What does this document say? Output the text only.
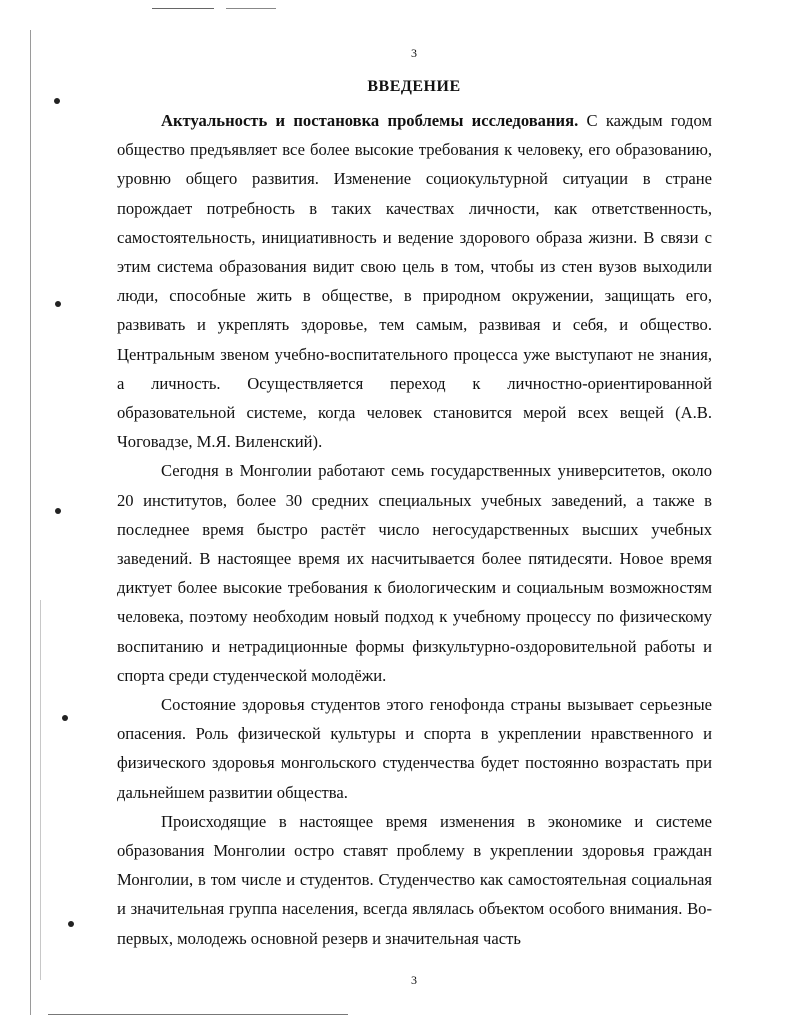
3
ВВЕДЕНИЕ

Актуальность и постановка проблемы исследования. С каждым годом общество предъявляет все более высокие требования к человеку, его образованию, уровню общего развития. Изменение социокультурной ситуации в стране порождает потребность в таких качествах личности, как ответственность, самостоятельность, инициативность и ведение здорового образа жизни. В связи с этим система образования видит свою цель в том, чтобы из стен вузов выходили люди, способные жить в обществе, в природном окружении, защищать его, развивать и укреплять здоровье, тем самым, развивая и себя, и общество. Центральным звеном учебно-воспитательного процесса уже выступают не знания, а личность. Осуществляется переход к личностно-ориентированной образовательной системе, когда человек становится мерой всех вещей (А.В. Чоговадзе, М.Я. Виленский).

Сегодня в Монголии работают семь государственных университетов, около 20 институтов, более 30 средних специальных учебных заведений, а также в последнее время быстро растёт число негосударственных высших учебных заведений. В настоящее время их насчитывается более пятидесяти. Новое время диктует более высокие требования к биологическим и социальным возможностям человека, поэтому необходим новый подход к учебному процессу по физическому воспитанию и нетрадиционные формы физкультурно-оздоровительной работы и спорта среди студенческой молодёжи.

Состояние здоровья студентов этого генофонда страны вызывает серьезные опасения. Роль физической культуры и спорта в укреплении нравственного и физического здоровья монгольского студенчества будет постоянно возрастать при дальнейшем развитии общества.

Происходящие в настоящее время изменения в экономике и системе образования Монголии остро ставят проблему в укреплении здоровья граждан Монголии, в том числе и студентов. Студенчество как самостоятельная социальная и значительная группа населения, всегда являлась объектом особого внимания. Во-первых, молодежь основной резерв и значительная часть

3
